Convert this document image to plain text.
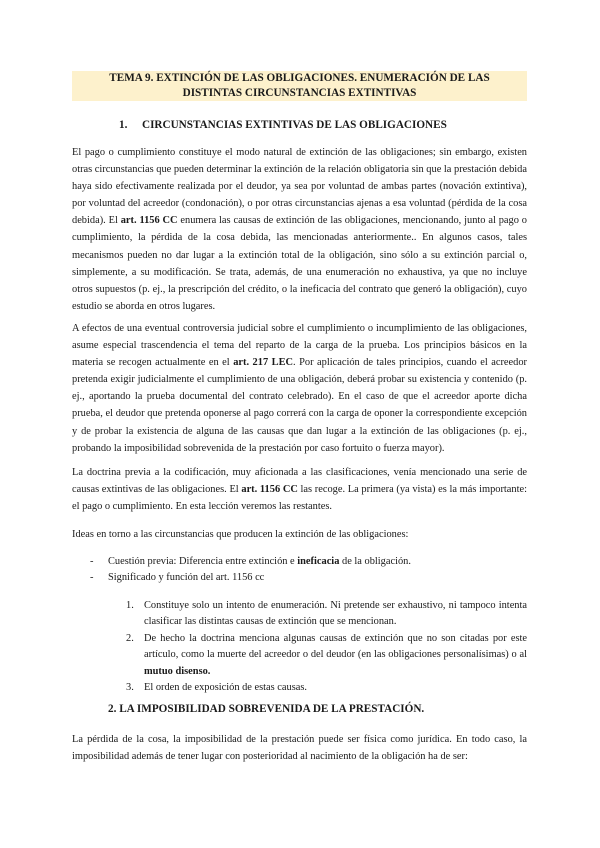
TEMA 9. EXTINCIÓN DE LAS OBLIGACIONES. ENUMERACIÓN DE LAS
DISTINTAS CIRCUNSTANCIAS EXTINTIVAS
1. CIRCUNSTANCIAS EXTINTIVAS DE LAS OBLIGACIONES

El pago o cumplimiento constituye el modo natural de extinción de las obligaciones; sin embargo, existen otras circunstancias que pueden determinar la extinción de la relación obligatoria sin que la prestación debida haya sido efectivamente realizada por el deudor, ya sea por voluntad de ambas partes (novación extintiva), por voluntad del acreedor (condonación), o por otras circunstancias ajenas a esa voluntad (pérdida de la cosa debida). El art. 1156 CC enumera las causas de extinción de las obligaciones, mencionando, junto al pago o cumplimiento, la pérdida de la cosa debida, las mencionadas anteriormente.. En algunos casos, tales mecanismos pueden no dar lugar a la extinción total de la obligación, sino sólo a su extinción parcial o, simplemente, a su modificación. Se trata, además, de una enumeración no exhaustiva, ya que no incluye otros supuestos (p. ej., la prescripción del crédito, o la ineficacia del contrato que generó la obligación), cuyo estudio se aborda en otros lugares.

A efectos de una eventual controversia judicial sobre el cumplimiento o incumplimiento de las obligaciones, asume especial trascendencia el tema del reparto de la carga de la prueba. Los principios básicos en la materia se recogen actualmente en el art. 217 LEC. Por aplicación de tales principios, cuando el acreedor pretenda exigir judicialmente el cumplimiento de una obligación, deberá probar su existencia y contenido (p. ej., aportando la prueba documental del contrato celebrado). En el caso de que el acreedor aporte dicha prueba, el deudor que pretenda oponerse al pago correrá con la carga de oponer la correspondiente excepción y de probar la existencia de alguna de las causas que dan lugar a la extinción de las obligaciones (p. ej., probando la imposibilidad sobrevenida de la prestación por caso fortuito o fuerza mayor).

La doctrina previa a la codificación, muy aficionada a las clasificaciones, venía mencionado una serie de causas extintivas de las obligaciones. El art. 1156 CC las recoge. La primera (ya vista) es la más importante: el pago o cumplimiento. En esta lección veremos las restantes.

Ideas en torno a las circunstancias que producen la extinción de las obligaciones:

- Cuestión previa: Diferencia entre extinción e ineficacia de la obligación.
- Significado y función del art. 1156 cc
1. Constituye solo un intento de enumeración. Ni pretende ser exhaustivo, ni tampoco intenta clasificar las distintas causas de extinción que se mencionan.
2. De hecho la doctrina menciona algunas causas de extinción que no son citadas por este artículo, como la muerte del acreedor o del deudor (en las obligaciones personalísimas) o al mutuo disenso.
3. El orden de exposición de estas causas.
2. LA IMPOSIBILIDAD SOBREVENIDA DE LA PRESTACIÓN.

La pérdida de la cosa, la imposibilidad de la prestación puede ser física como jurídica. En todo caso, la imposibilidad además de tener lugar con posterioridad al nacimiento de la obligación ha de ser:
